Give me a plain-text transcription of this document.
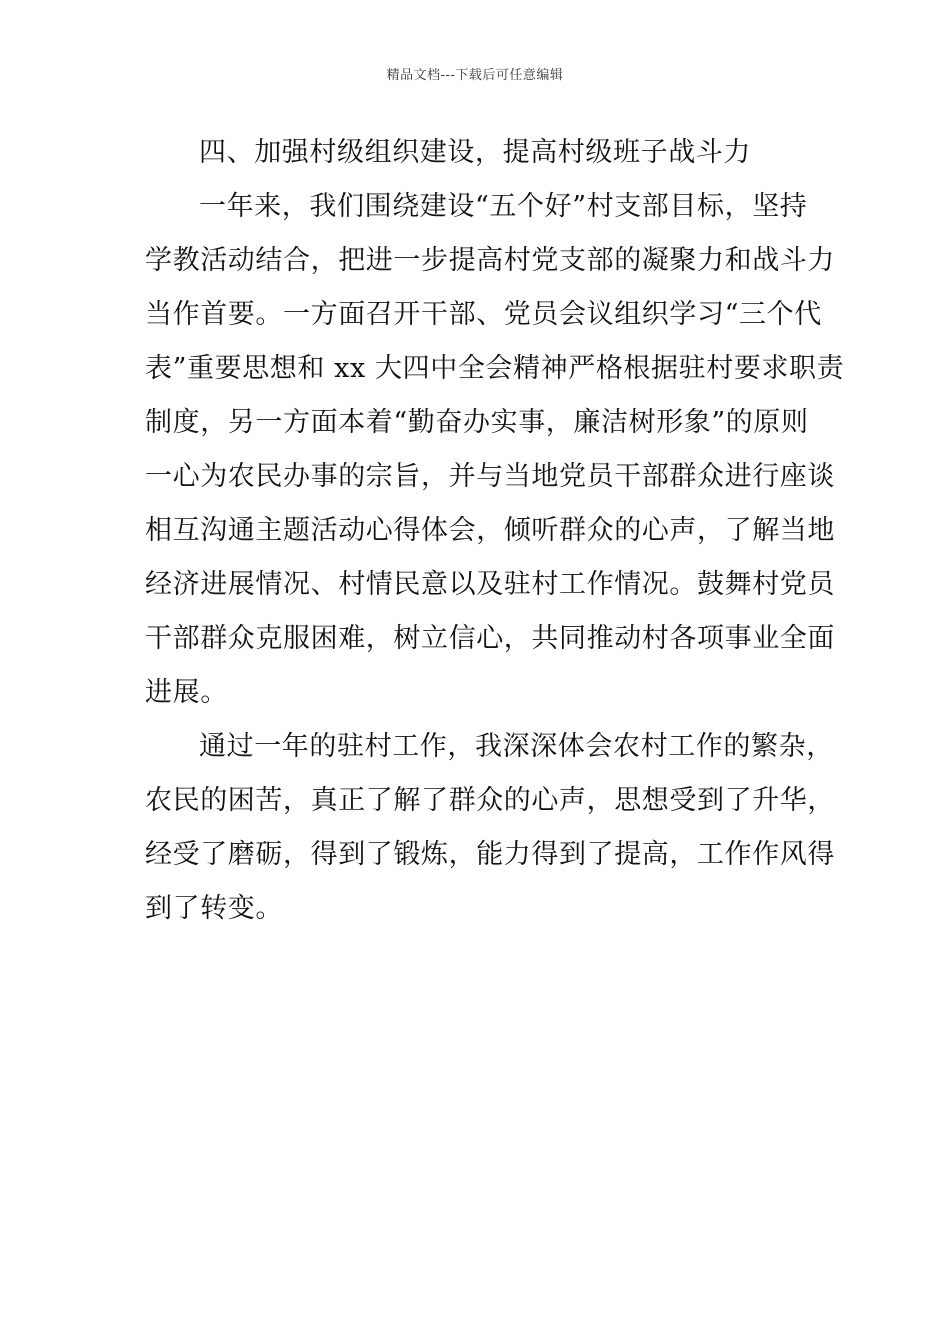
精品文档---下载后可任意编辑
四、加强村级组织建设，提高村级班子战斗力
一年来，我们围绕建设“五个好”村支部目标，坚持
学教活动结合，把进一步提高村党支部的凝聚力和战斗力
当作首要。一方面召开干部、党员会议组织学习“三个代
表”重要思想和 xx 大四中全会精神严格根据驻村要求职责
制度，另一方面本着“勤奋办实事，廉洁树形象”的原则
一心为农民办事的宗旨，并与当地党员干部群众进行座谈
相互沟通主题活动心得体会，倾听群众的心声，了解当地
经济进展情况、村情民意以及驻村工作情况。鼓舞村党员
干部群众克服困难，树立信心，共同推动村各项事业全面
进展。
通过一年的驻村工作，我深深体会农村工作的繁杂，
农民的困苦，真正了解了群众的心声，思想受到了升华，
经受了磨砺，得到了锻炼，能力得到了提高，工作作风得
到了转变。
